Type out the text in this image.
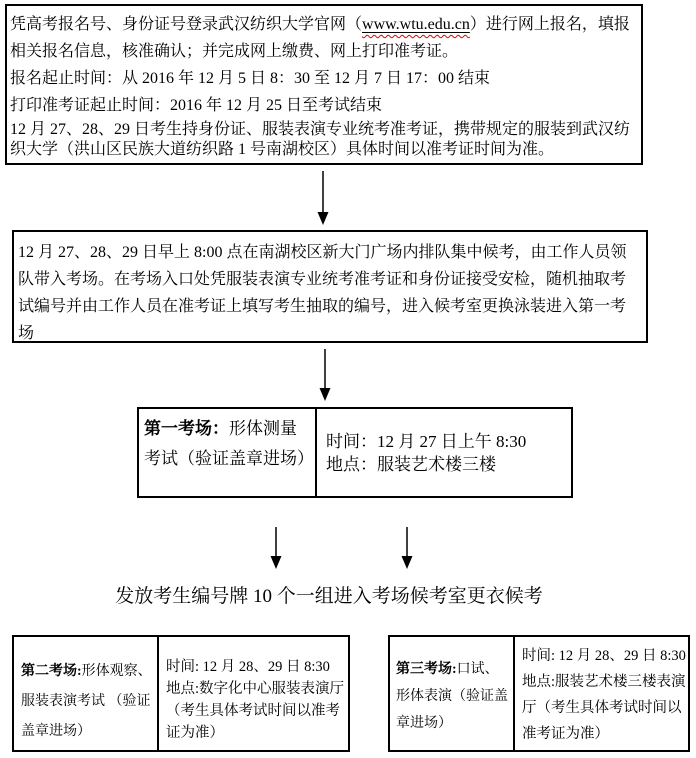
凭高考报名号、身份证号登录武汉纺织大学官网（www.wtu.edu.cn）进行网上报名，填报相关报名信息，核准确认；并完成网上缴费、网上打印准考证。

报名起止时间：从 2016 年 12 月 5 日 8：30 至 12 月 7 日 17：00 结束

打印准考证起止时间：2016 年 12 月 25 日至考试结束

12 月 27、28、29 日考生持身份证、服装表演专业统考准考证，携带规定的服装到武汉纺织大学（洪山区民族大道纺织路 1 号南湖校区）具体时间以准考证时间为准。

12 月 27、28、29 日早上 8:00 点在南湖校区新大门广场内排队集中候考，由工作人员领队带入考场。在考场入口处凭服装表演专业统考准考证和身份证接受安检，随机抽取考试编号并由工作人员在准考证上填写考生抽取的编号，进入候考室更换泳装进入第一考场

第一考场：形体测量考试（验证盖章进场）
时间：12 月 27 日上午 8:30
地点：服装艺术楼三楼
发放考生编号牌 10 个一组进入考场候考室更衣候考
第二考场:形体观察、服装表演考试 （验证盖章进场）
时间: 12 月 28、29 日 8:30
地点:数字化中心服装表演厅（考生具体考试时间以准考证为准）
第三考场:口试、形体表演（验证盖章进场）
时间: 12 月 28、29 日 8:30
地点:服装艺术楼三楼表演厅（考生具体考试时间以准考证为准）
